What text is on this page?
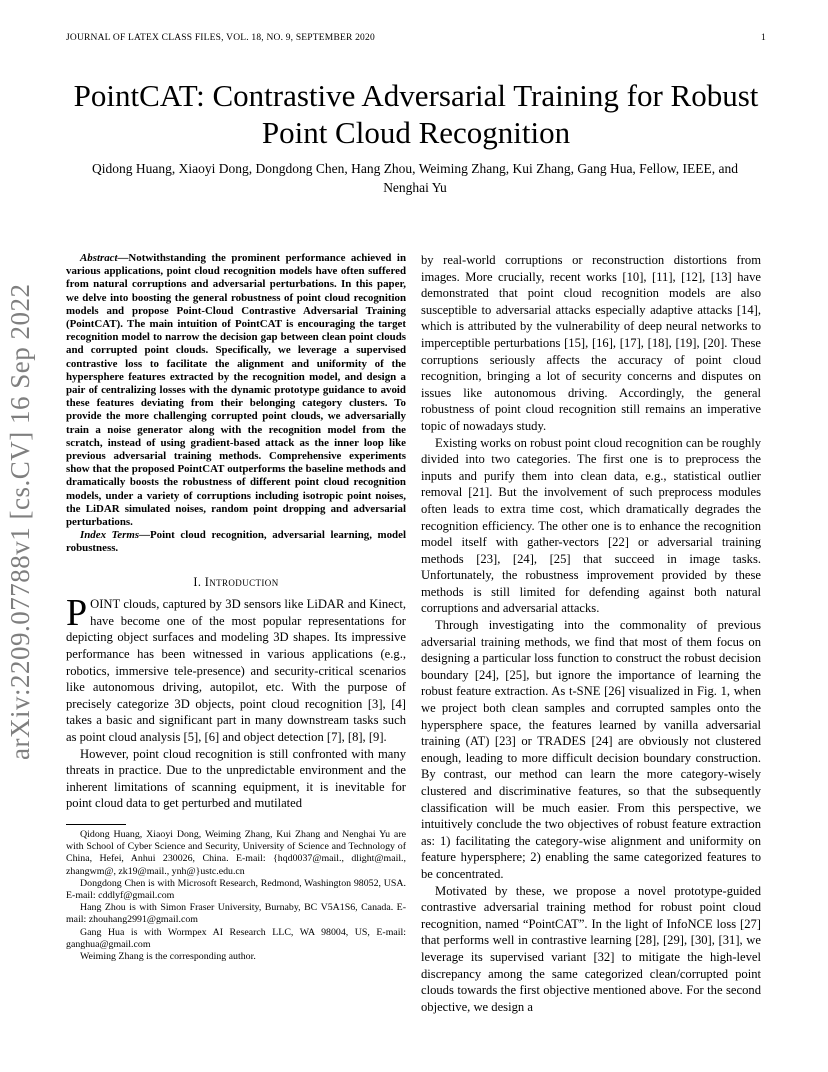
JOURNAL OF LATEX CLASS FILES, VOL. 18, NO. 9, SEPTEMBER 2020	1
arXiv:2209.07788v1 [cs.CV] 16 Sep 2022
PointCAT: Contrastive Adversarial Training for Robust Point Cloud Recognition
Qidong Huang, Xiaoyi Dong, Dongdong Chen, Hang Zhou, Weiming Zhang, Kui Zhang, Gang Hua, Fellow, IEEE, and Nenghai Yu

Abstract—Notwithstanding the prominent performance achieved in various applications, point cloud recognition models have often suffered from natural corruptions and adversarial perturbations. In this paper, we delve into boosting the general robustness of point cloud recognition models and propose Point-Cloud Contrastive Adversarial Training (PointCAT). The main intuition of PointCAT is encouraging the target recognition model to narrow the decision gap between clean point clouds and corrupted point clouds. Specifically, we leverage a supervised contrastive loss to facilitate the alignment and uniformity of the hypersphere features extracted by the recognition model, and design a pair of centralizing losses with the dynamic prototype guidance to avoid these features deviating from their belonging category clusters. To provide the more challenging corrupted point clouds, we adversarially train a noise generator along with the recognition model from the scratch, instead of using gradient-based attack as the inner loop like previous adversarial training methods. Comprehensive experiments show that the proposed PointCAT outperforms the baseline methods and dramatically boosts the robustness of different point cloud recognition models, under a variety of corruptions including isotropic point noises, the LiDAR simulated noises, random point dropping and adversarial perturbations.

Index Terms—Point cloud recognition, adversarial learning, model robustness.

I. Introduction

POINT clouds, captured by 3D sensors like LiDAR and Kinect, have become one of the most popular representations for depicting object surfaces and modeling 3D shapes. Its impressive performance has been witnessed in various applications (e.g., robotics, immersive tele-presence) and security-critical scenarios like autonomous driving, autopilot, etc. With the purpose of precisely categorize 3D objects, point cloud recognition [3], [4] takes a basic and significant part in many downstream tasks such as point cloud analysis [5], [6] and object detection [7], [8], [9].

However, point cloud recognition is still confronted with many threats in practice. Due to the unpredictable environment and the inherent limitations of scanning equipment, it is inevitable for point cloud data to get perturbed and mutilated

Qidong Huang, Xiaoyi Dong, Weiming Zhang, Kui Zhang and Nenghai Yu are with School of Cyber Science and Security, University of Science and Technology of China, Hefei, Anhui 230026, China. E-mail: {hqd0037@mail., dlight@mail., zhangwm@, zk19@mail., ynh@}ustc.edu.cn

Dongdong Chen is with Microsoft Research, Redmond, Washington 98052, USA. E-mail: cddlyf@gmail.com

Hang Zhou is with Simon Fraser University, Burnaby, BC V5A1S6, Canada. E-mail: zhouhang2991@gmail.com

Gang Hua is with Wormpex AI Research LLC, WA 98004, US, E-mail: ganghua@gmail.com

Weiming Zhang is the corresponding author.

by real-world corruptions or reconstruction distortions from images. More crucially, recent works [10], [11], [12], [13] have demonstrated that point cloud recognition models are also susceptible to adversarial attacks especially adaptive attacks [14], which is attributed by the vulnerability of deep neural networks to imperceptible perturbations [15], [16], [17], [18], [19], [20]. These corruptions seriously affects the accuracy of point cloud recognition, bringing a lot of security concerns and disputes on issues like autonomous driving. Accordingly, the general robustness of point cloud recognition still remains an imperative topic of nowadays study.

Existing works on robust point cloud recognition can be roughly divided into two categories. The first one is to preprocess the inputs and purify them into clean data, e.g., statistical outlier removal [21]. But the involvement of such preprocess modules often leads to extra time cost, which dramatically degrades the recognition efficiency. The other one is to enhance the recognition model itself with gather-vectors [22] or adversarial training methods [23], [24], [25] that succeed in image tasks. Unfortunately, the robustness improvement provided by these methods is still limited for defending against both natural corruptions and adversarial attacks.

Through investigating into the commonality of previous adversarial training methods, we find that most of them focus on designing a particular loss function to construct the robust decision boundary [24], [25], but ignore the importance of learning the robust feature extraction. As t-SNE [26] visualized in Fig. 1, when we project both clean samples and corrupted samples onto the hypersphere space, the features learned by vanilla adversarial training (AT) [23] or TRADES [24] are obviously not clustered enough, leading to more difficult decision boundary construction. By contrast, our method can learn the more category-wisely clustered and discriminative features, so that the subsequently classification will be much easier. From this perspective, we intuitively conclude the two objectives of robust feature extraction as: 1) facilitating the category-wise alignment and uniformity on feature hypersphere; 2) enabling the same categorized features to be concentrated.

Motivated by these, we propose a novel prototype-guided contrastive adversarial training method for robust point cloud recognition, named “PointCAT”. In the light of InfoNCE loss [27] that performs well in contrastive learning [28], [29], [30], [31], we leverage its supervised variant [32] to mitigate the high-level discrepancy among the same categorized clean/corrupted point clouds towards the first objective mentioned above. For the second objective, we design a
